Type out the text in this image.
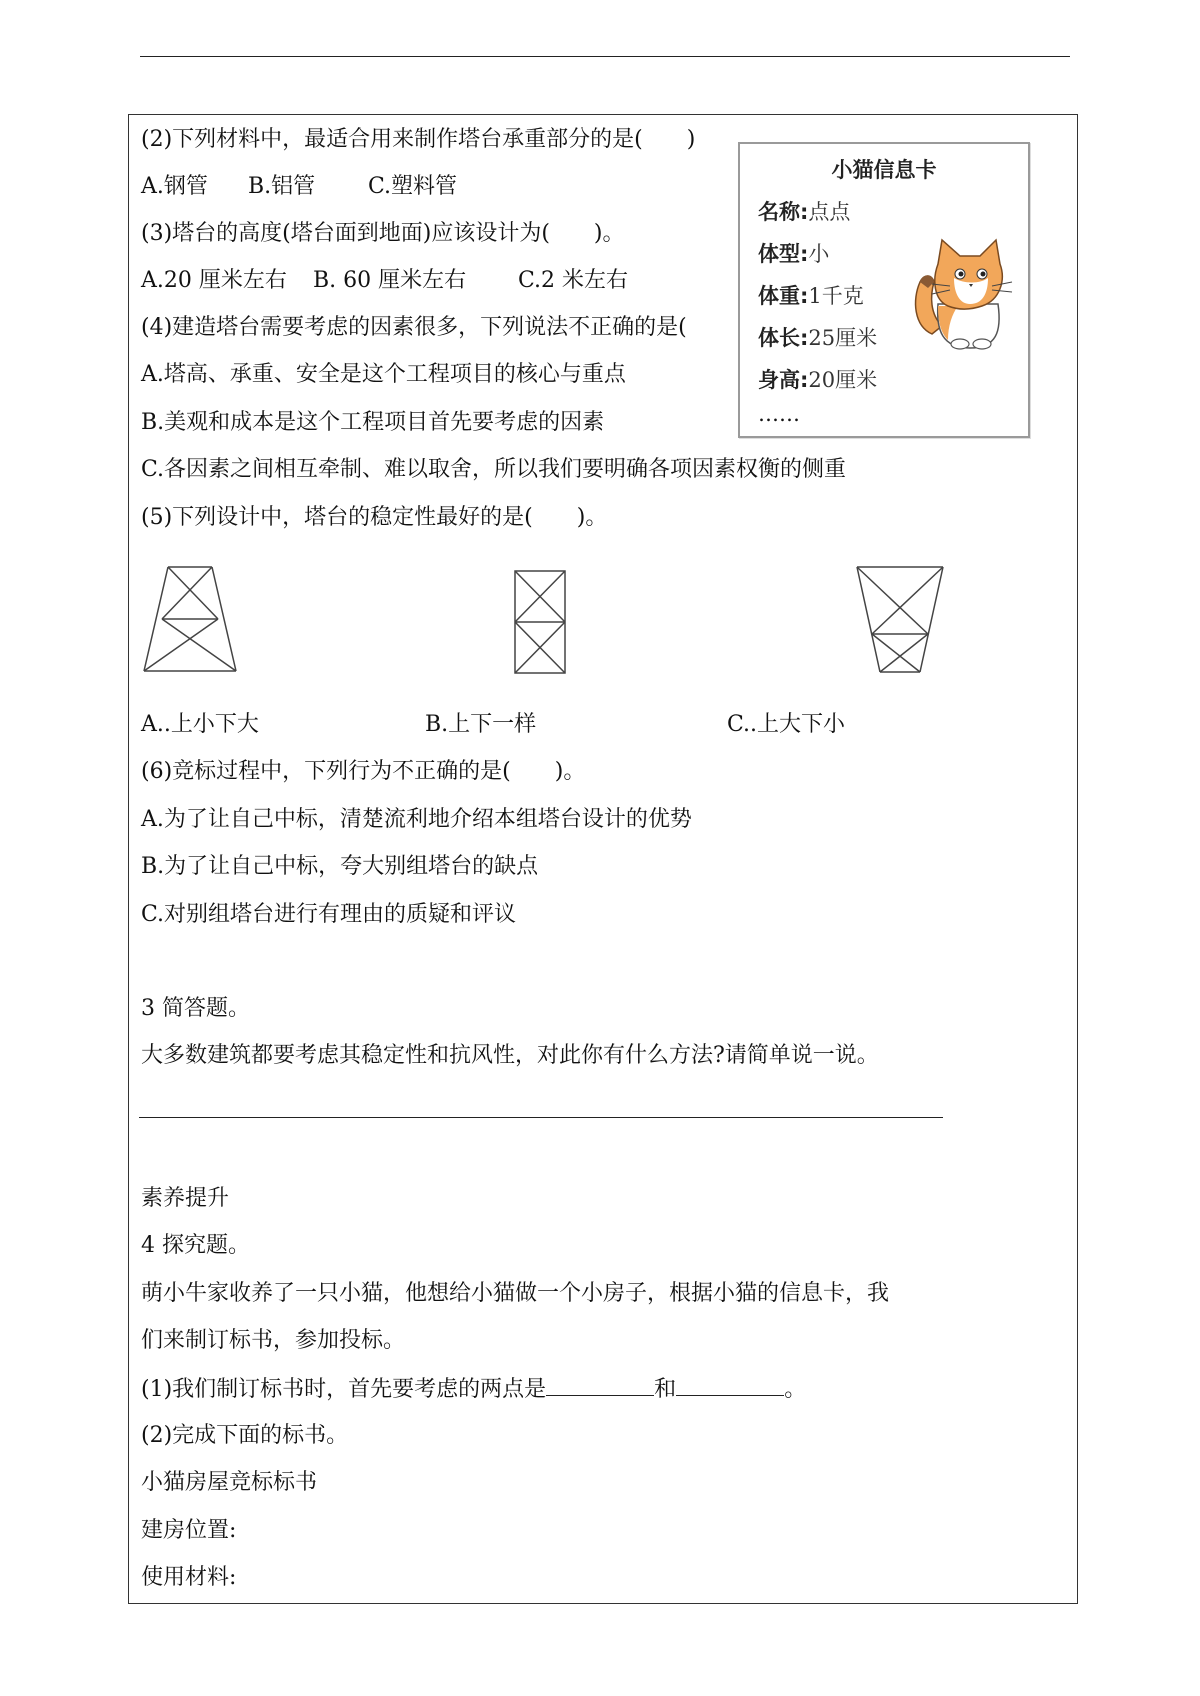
(2)下列材料中，最适合用来制作塔台承重部分的是(　　)
A.钢管 B.铝管 C.塑料管
(3)塔台的高度(塔台面到地面)应该设计为(　　)。
A.20 厘米左右 B. 60 厘米左右 C.2 米左右
(4)建造塔台需要考虑的因素很多，下列说法不正确的是(
A.塔高、承重、安全是这个工程项目的核心与重点
B.美观和成本是这个工程项目首先要考虑的因素
C.各因素之间相互牵制、难以取舍，所以我们要明确各项因素权衡的侧重
小猫信息卡
名称:点点
体型:小
体重:1千克
体长:25厘米
身高:20厘米
……
(5)下列设计中，塔台的稳定性最好的是(　　)。
A..上小下大	B.上下一样	C..上大下小
(6)竞标过程中，下列行为不正确的是(　　)。
A.为了让自己中标，清楚流利地介绍本组塔台设计的优势
B.为了让自己中标，夸大别组塔台的缺点
C.对别组塔台进行有理由的质疑和评议
3 简答题。
大多数建筑都要考虑其稳定性和抗风性，对此你有什么方法?请简单说一说。
素养提升
4 探究题。
萌小牛家收养了一只小猫，他想给小猫做一个小房子，根据小猫的信息卡，我
们来制订标书，参加投标。
(1)我们制订标书时，首先要考虑的两点是	和	。
(2)完成下面的标书。
小猫房屋竞标标书
建房位置:
使用材料:
